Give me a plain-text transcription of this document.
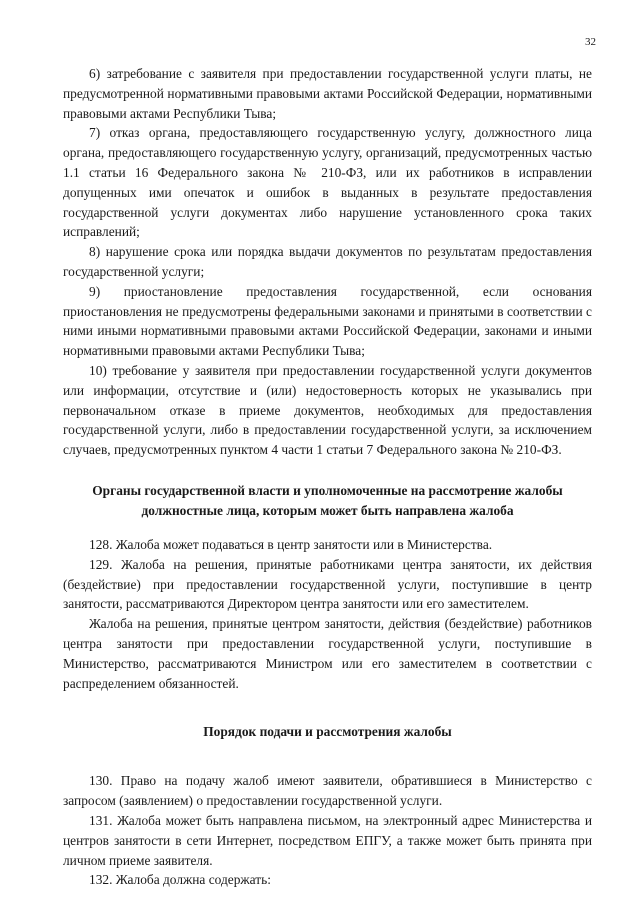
32

6) затребование с заявителя при предоставлении государственной услуги платы, не предусмотренной нормативными правовыми актами Российской Федерации, нормативными правовыми актами Республики Тыва;

7) отказ органа, предоставляющего государственную услугу, должностного лица органа, предоставляющего государственную услугу, организаций, предусмотренных частью 1.1 статьи 16 Федерального закона № 210-ФЗ, или их работников в исправлении допущенных ими опечаток и ошибок в выданных в результате предоставления государственной услуги документах либо нарушение установленного срока таких исправлений;

8) нарушение срока или порядка выдачи документов по результатам предоставления государственной услуги;

9) приостановление предоставления государственной, если основания приостановления не предусмотрены федеральными законами и принятыми в соответствии с ними иными нормативными правовыми актами Российской Федерации, законами и иными нормативными правовыми актами Республики Тыва;

10) требование у заявителя при предоставлении государственной услуги документов или информации, отсутствие и (или) недостоверность которых не указывались при первоначальном отказе в приеме документов, необходимых для предоставления государственной услуги, либо в предоставлении государственной услуги, за исключением случаев, предусмотренных пунктом 4 части 1 статьи 7 Федерального закона № 210-ФЗ.

Органы государственной власти и уполномоченные на рассмотрение жалобы должностные лица, которым может быть направлена жалоба

128. Жалоба может подаваться в центр занятости или в Министерства.

129. Жалоба на решения, принятые работниками центра занятости, их действия (бездействие) при предоставлении государственной услуги, поступившие в центр занятости, рассматриваются Директором центра занятости или его заместителем.

Жалоба на решения, принятые центром занятости, действия (бездействие) работников центра занятости при предоставлении государственной услуги, поступившие в Министерство, рассматриваются Министром или его заместителем в соответствии с распределением обязанностей.

Порядок подачи и рассмотрения жалобы

130. Право на подачу жалоб имеют заявители, обратившиеся в Министерство с запросом (заявлением) о предоставлении государственной услуги.

131. Жалоба может быть направлена письмом, на электронный адрес Министерства и центров занятости в сети Интернет, посредством ЕПГУ, а также может быть принята при личном приеме заявителя.

132. Жалоба должна содержать:
